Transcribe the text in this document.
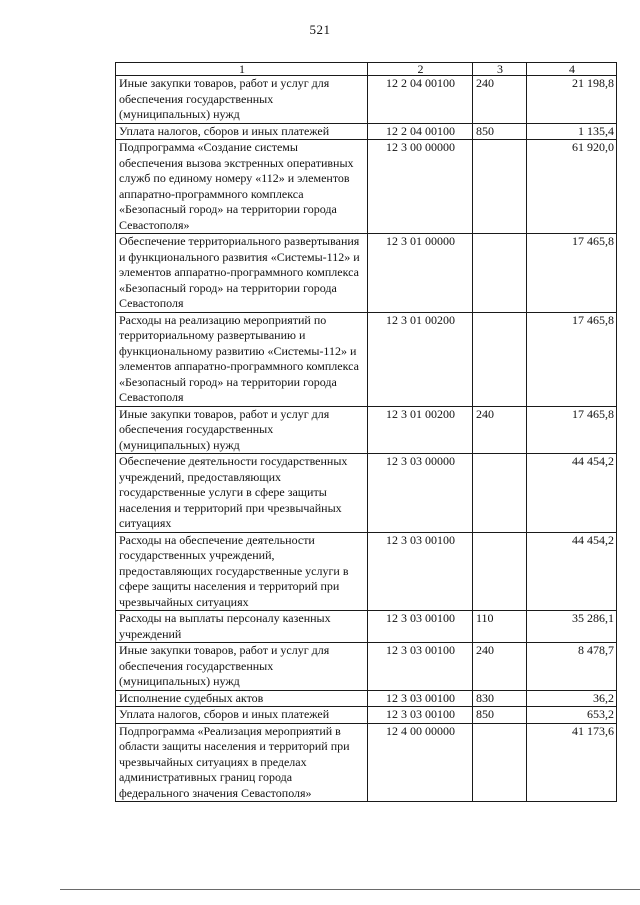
521
1	2	3	4
Иные закупки товаров, работ и услуг для обеспечения государственных (муниципальных) нужд	12 2 04 00100	240	21 198,8
Уплата налогов, сборов и иных платежей	12 2 04 00100	850	1 135,4
Подпрограмма «Создание системы обеспечения вызова экстренных оперативных служб по единому номеру «112» и элементов аппаратно-программного комплекса «Безопасный город» на территории города Севастополя»	12 3 00 00000		61 920,0
Обеспечение территориального развертывания и функционального развития «Системы-112» и элементов аппаратно-программного комплекса «Безопасный город» на территории города Севастополя	12 3 01 00000		17 465,8
Расходы на реализацию мероприятий по территориальному развертыванию и функциональному развитию «Системы-112» и элементов аппаратно-программного комплекса «Безопасный город» на территории города Севастополя	12 3 01 00200		17 465,8
Иные закупки товаров, работ и услуг для обеспечения государственных (муниципальных) нужд	12 3 01 00200	240	17 465,8
Обеспечение деятельности государственных учреждений, предоставляющих государственные услуги в сфере защиты населения и территорий при чрезвычайных ситуациях	12 3 03 00000		44 454,2
Расходы на обеспечение деятельности государственных учреждений, предоставляющих государственные услуги в сфере защиты населения и территорий при чрезвычайных ситуациях	12 3 03 00100		44 454,2
Расходы на выплаты персоналу казенных учреждений	12 3 03 00100	110	35 286,1
Иные закупки товаров, работ и услуг для обеспечения государственных (муниципальных) нужд	12 3 03 00100	240	8 478,7
Исполнение судебных актов	12 3 03 00100	830	36,2
Уплата налогов, сборов и иных платежей	12 3 03 00100	850	653,2
Подпрограмма «Реализация мероприятий в области защиты населения и территорий при чрезвычайных ситуациях в пределах административных границ города федерального значения Севастополя»	12 4 00 00000		41 173,6
